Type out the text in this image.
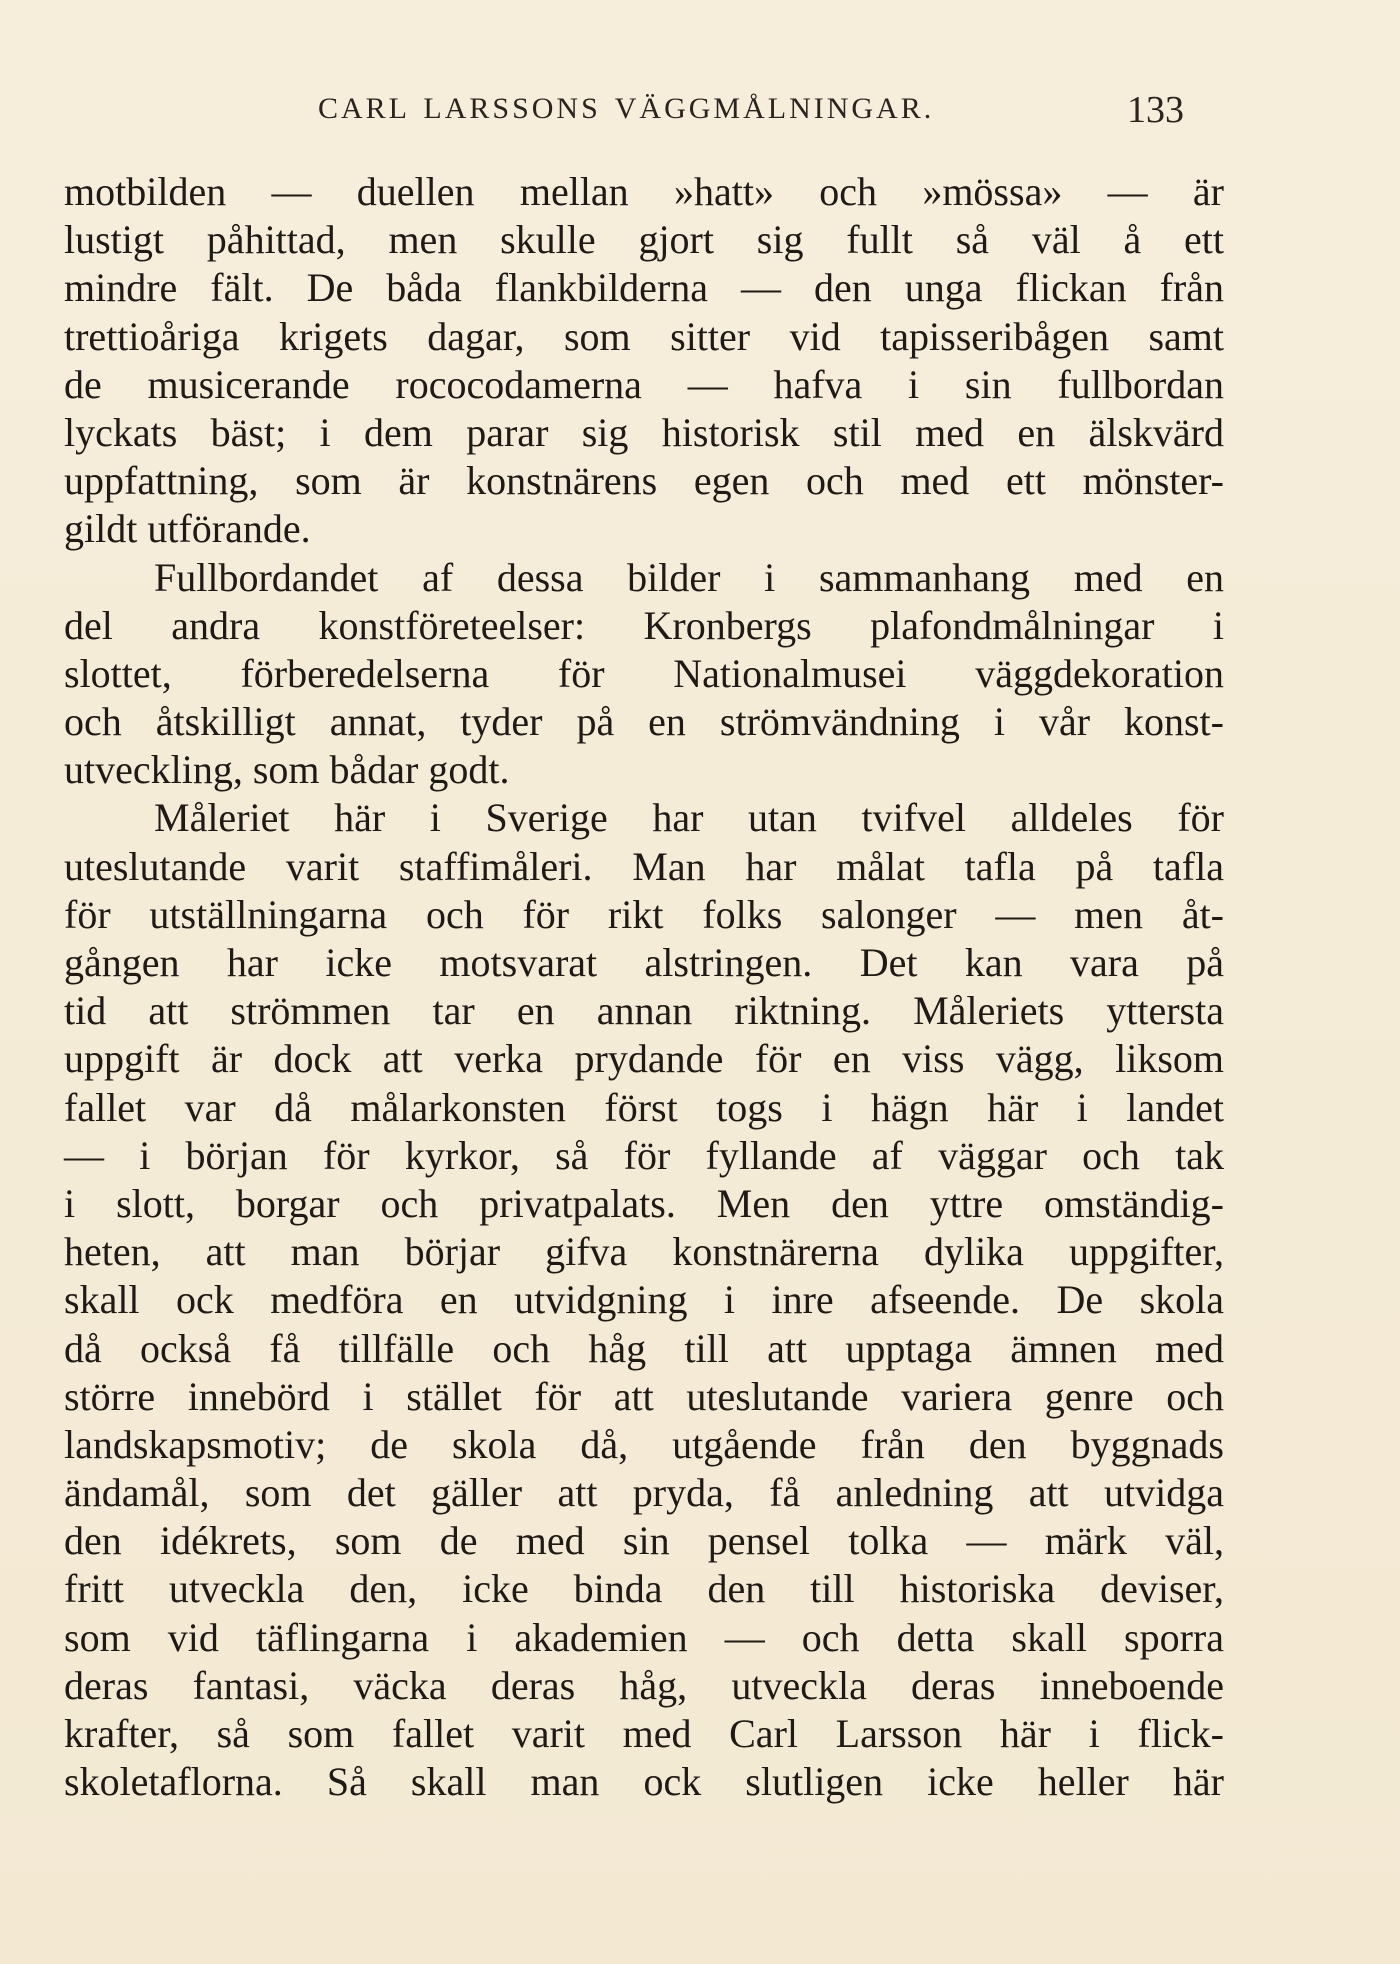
CARL LARSSONS VÄGGMÅLNINGAR.	133
motbilden — duellen mellan »hatt» och »mössa» — är
lustigt påhittad, men skulle gjort sig fullt så väl å ett
mindre fält. De båda flankbilderna — den unga flickan från
trettioåriga krigets dagar, som sitter vid tapisseribågen samt
de musicerande rococodamerna — hafva i sin fullbordan
lyckats bäst; i dem parar sig historisk stil med en älskvärd
uppfattning, som är konstnärens egen och med ett mönster-
gildt utförande.
Fullbordandet af dessa bilder i sammanhang med en
del andra konstföreteelser: Kronbergs plafondmålningar i
slottet, förberedelserna för Nationalmusei väggdekoration
och åtskilligt annat, tyder på en strömvändning i vår konst-
utveckling, som bådar godt.
Måleriet här i Sverige har utan tvifvel alldeles för
uteslutande varit staffimåleri. Man har målat tafla på tafla
för utställningarna och för rikt folks salonger — men åt-
gången har icke motsvarat alstringen. Det kan vara på
tid att strömmen tar en annan riktning. Måleriets yttersta
uppgift är dock att verka prydande för en viss vägg, liksom
fallet var då målarkonsten först togs i hägn här i landet
— i början för kyrkor, så för fyllande af väggar och tak
i slott, borgar och privatpalats. Men den yttre omständig-
heten, att man börjar gifva konstnärerna dylika uppgifter,
skall ock medföra en utvidgning i inre afseende. De skola
då också få tillfälle och håg till att upptaga ämnen med
större innebörd i stället för att uteslutande variera genre och
landskapsmotiv; de skola då, utgående från den byggnads
ändamål, som det gäller att pryda, få anledning att utvidga
den idékrets, som de med sin pensel tolka — märk väl,
fritt utveckla den, icke binda den till historiska deviser,
som vid täflingarna i akademien — och detta skall sporra
deras fantasi, väcka deras håg, utveckla deras inneboende
krafter, så som fallet varit med Carl Larsson här i flick-
skoletaflorna. Så skall man ock slutligen icke heller här
